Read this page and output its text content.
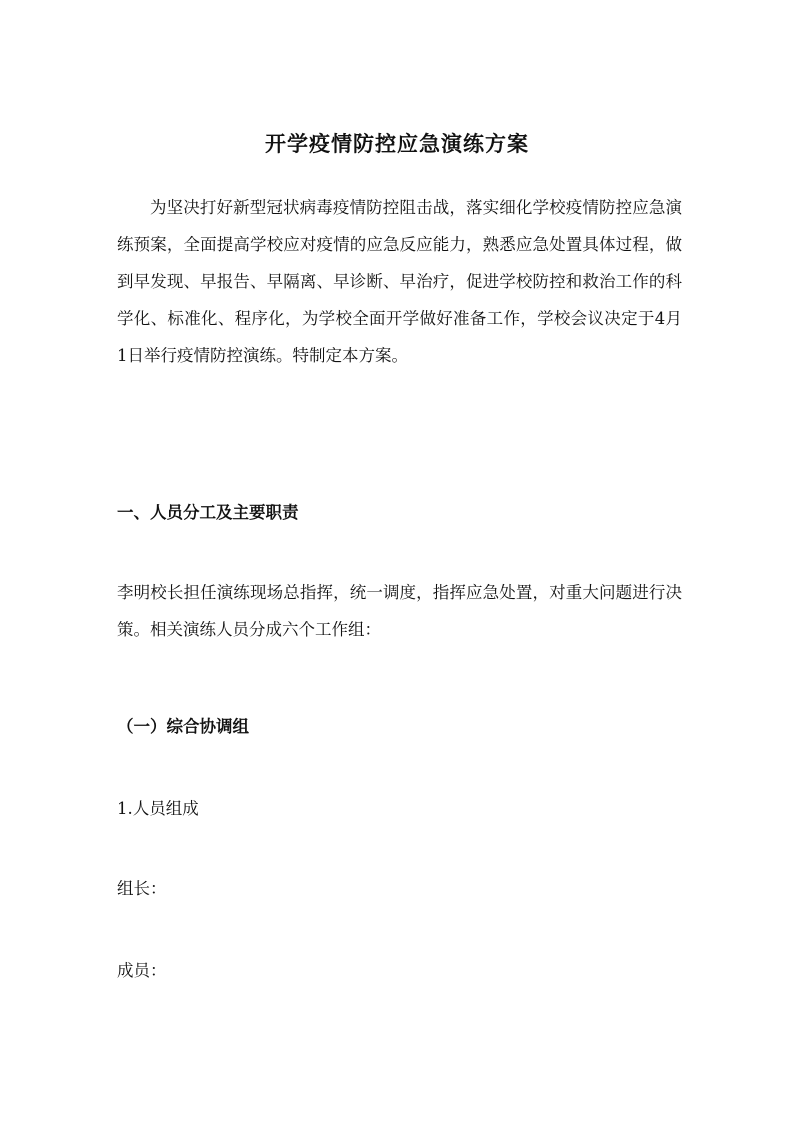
开学疫情防控应急演练方案

为坚决打好新型冠状病毒疫情防控阻击战，落实细化学校疫情防控应急演练预案，全面提高学校应对疫情的应急反应能力，熟悉应急处置具体过程，做到早发现、早报告、早隔离、早诊断、早治疗，促进学校防控和救治工作的科学化、标准化、程序化，为学校全面开学做好准备工作，学校会议决定于4月1日举行疫情防控演练。特制定本方案。

一、人员分工及主要职责

李明校长担任演练现场总指挥，统一调度，指挥应急处置，对重大问题进行决策。相关演练人员分成六个工作组：

（一）综合协调组

1.人员组成

组长：

成员：
